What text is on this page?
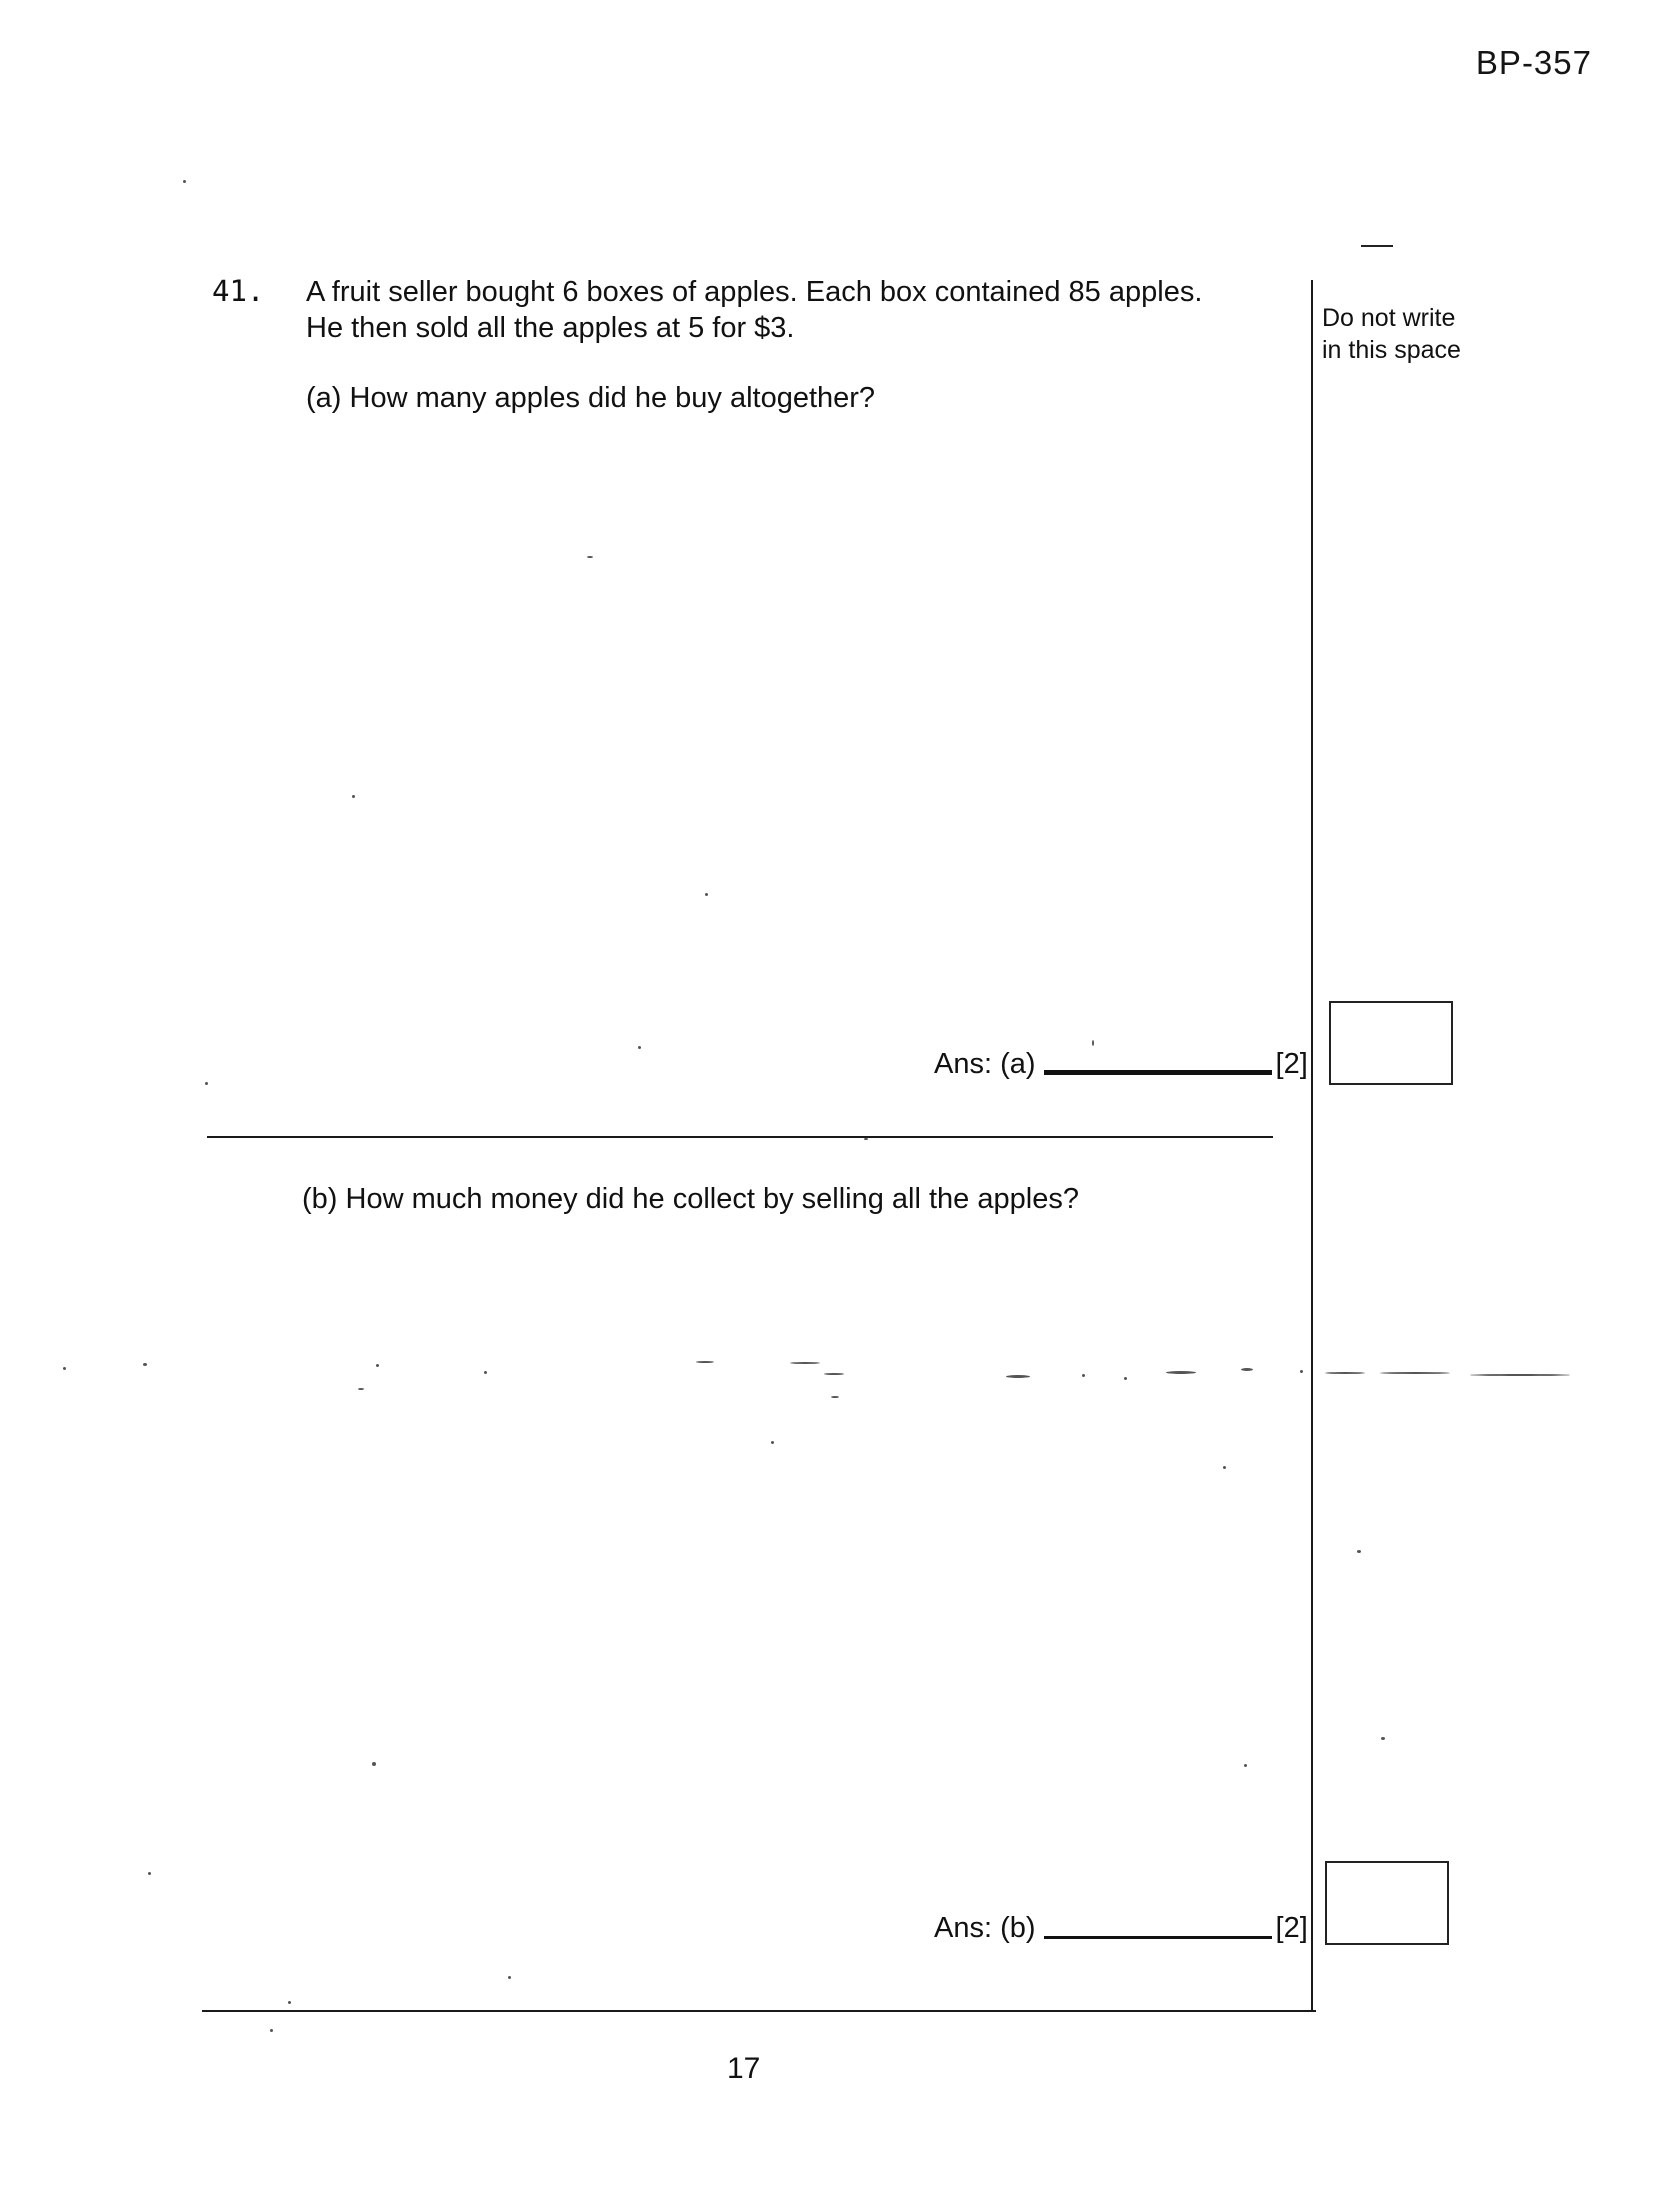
BP-357
41. A fruit seller bought 6 boxes of apples. Each box contained 85 apples.
He then sold all the apples at 5 for $3.	Do not write
in this space
(a) How many apples did he buy altogether?
Ans: (a)	[2]
(b) How much money did he collect by selling all the apples?
Ans: (b)	[2]
17
